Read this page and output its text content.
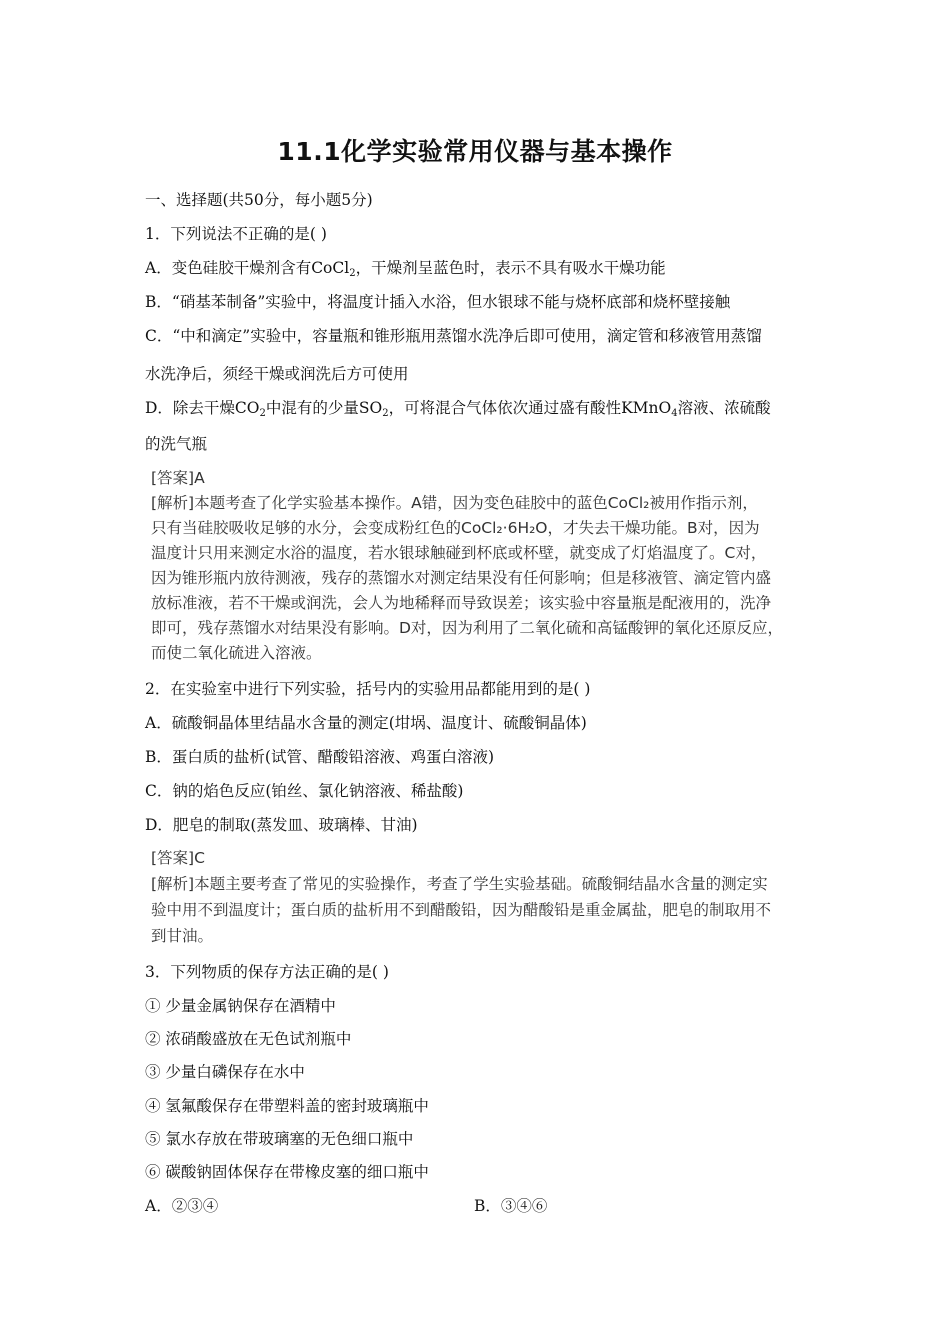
11.1化学实验常用仪器与基本操作
一、选择题(共50分，每小题5分)
1．下列说法不正确的是( )
A．变色硅胶干燥剂含有CoCl$_2$，干燥剂呈蓝色时，表示不具有吸水干燥功能
B．“硝基苯制备”实验中，将温度计插入水浴，但水银球不能与烧杯底部和烧杯壁接触
C．“中和滴定”实验中，容量瓶和锥形瓶用蒸馏水洗净后即可使用，滴定管和移液管用蒸馏
水洗净后，须经干燥或润洗后方可使用
D．除去干燥$CO_2$中混有的少量$SO_2$，可将混合气体依次通过盛有酸性KMnO$_4$溶液、浓硫酸
的洗气瓶
[答案]A
[解析]本题考查了化学实验基本操作。A错，因为变色硅胶中的蓝色CoCl₂被用作指示剂，
只有当硅胶吸收足够的水分，会变成粉红色的CoCl₂·6H₂O，才失去干燥功能。B对，因为
温度计只用来测定水浴的温度，若水银球触碰到杯底或杯壁，就变成了灯焰温度了。C对，
因为锥形瓶内放待测液，残存的蒸馏水对测定结果没有任何影响；但是移液管、滴定管内盛
放标准液，若不干燥或润洗，会人为地稀释而导致误差；该实验中容量瓶是配液用的，洗净
即可，残存蒸馏水对结果没有影响。D对，因为利用了二氧化硫和高锰酸钾的氧化还原反应，
而使二氧化硫进入溶液。
2．在实验室中进行下列实验，括号内的实验用品都能用到的是( )
A．硫酸铜晶体里结晶水含量的测定(坩埚、温度计、硫酸铜晶体)
B．蛋白质的盐析(试管、醋酸铅溶液、鸡蛋白溶液)
C．钠的焰色反应(铂丝、氯化钠溶液、稀盐酸)
D．肥皂的制取(蒸发皿、玻璃棒、甘油)
[答案]C
[解析]本题主要考查了常见的实验操作，考查了学生实验基础。硫酸铜结晶水含量的测定实
验中用不到温度计；蛋白质的盐析用不到醋酸铅，因为醋酸铅是重金属盐，肥皂的制取用不
到甘油。
3．下列物质的保存方法正确的是( )
① 少量金属钠保存在酒精中
② 浓硝酸盛放在无色试剂瓶中
③ 少量白磷保存在水中
④ 氢氟酸保存在带塑料盖的密封玻璃瓶中
⑤ 氯水存放在带玻璃塞的无色细口瓶中
⑥ 碳酸钠固体保存在带橡皮塞的细口瓶中
A．②③④	B．③④⑥
